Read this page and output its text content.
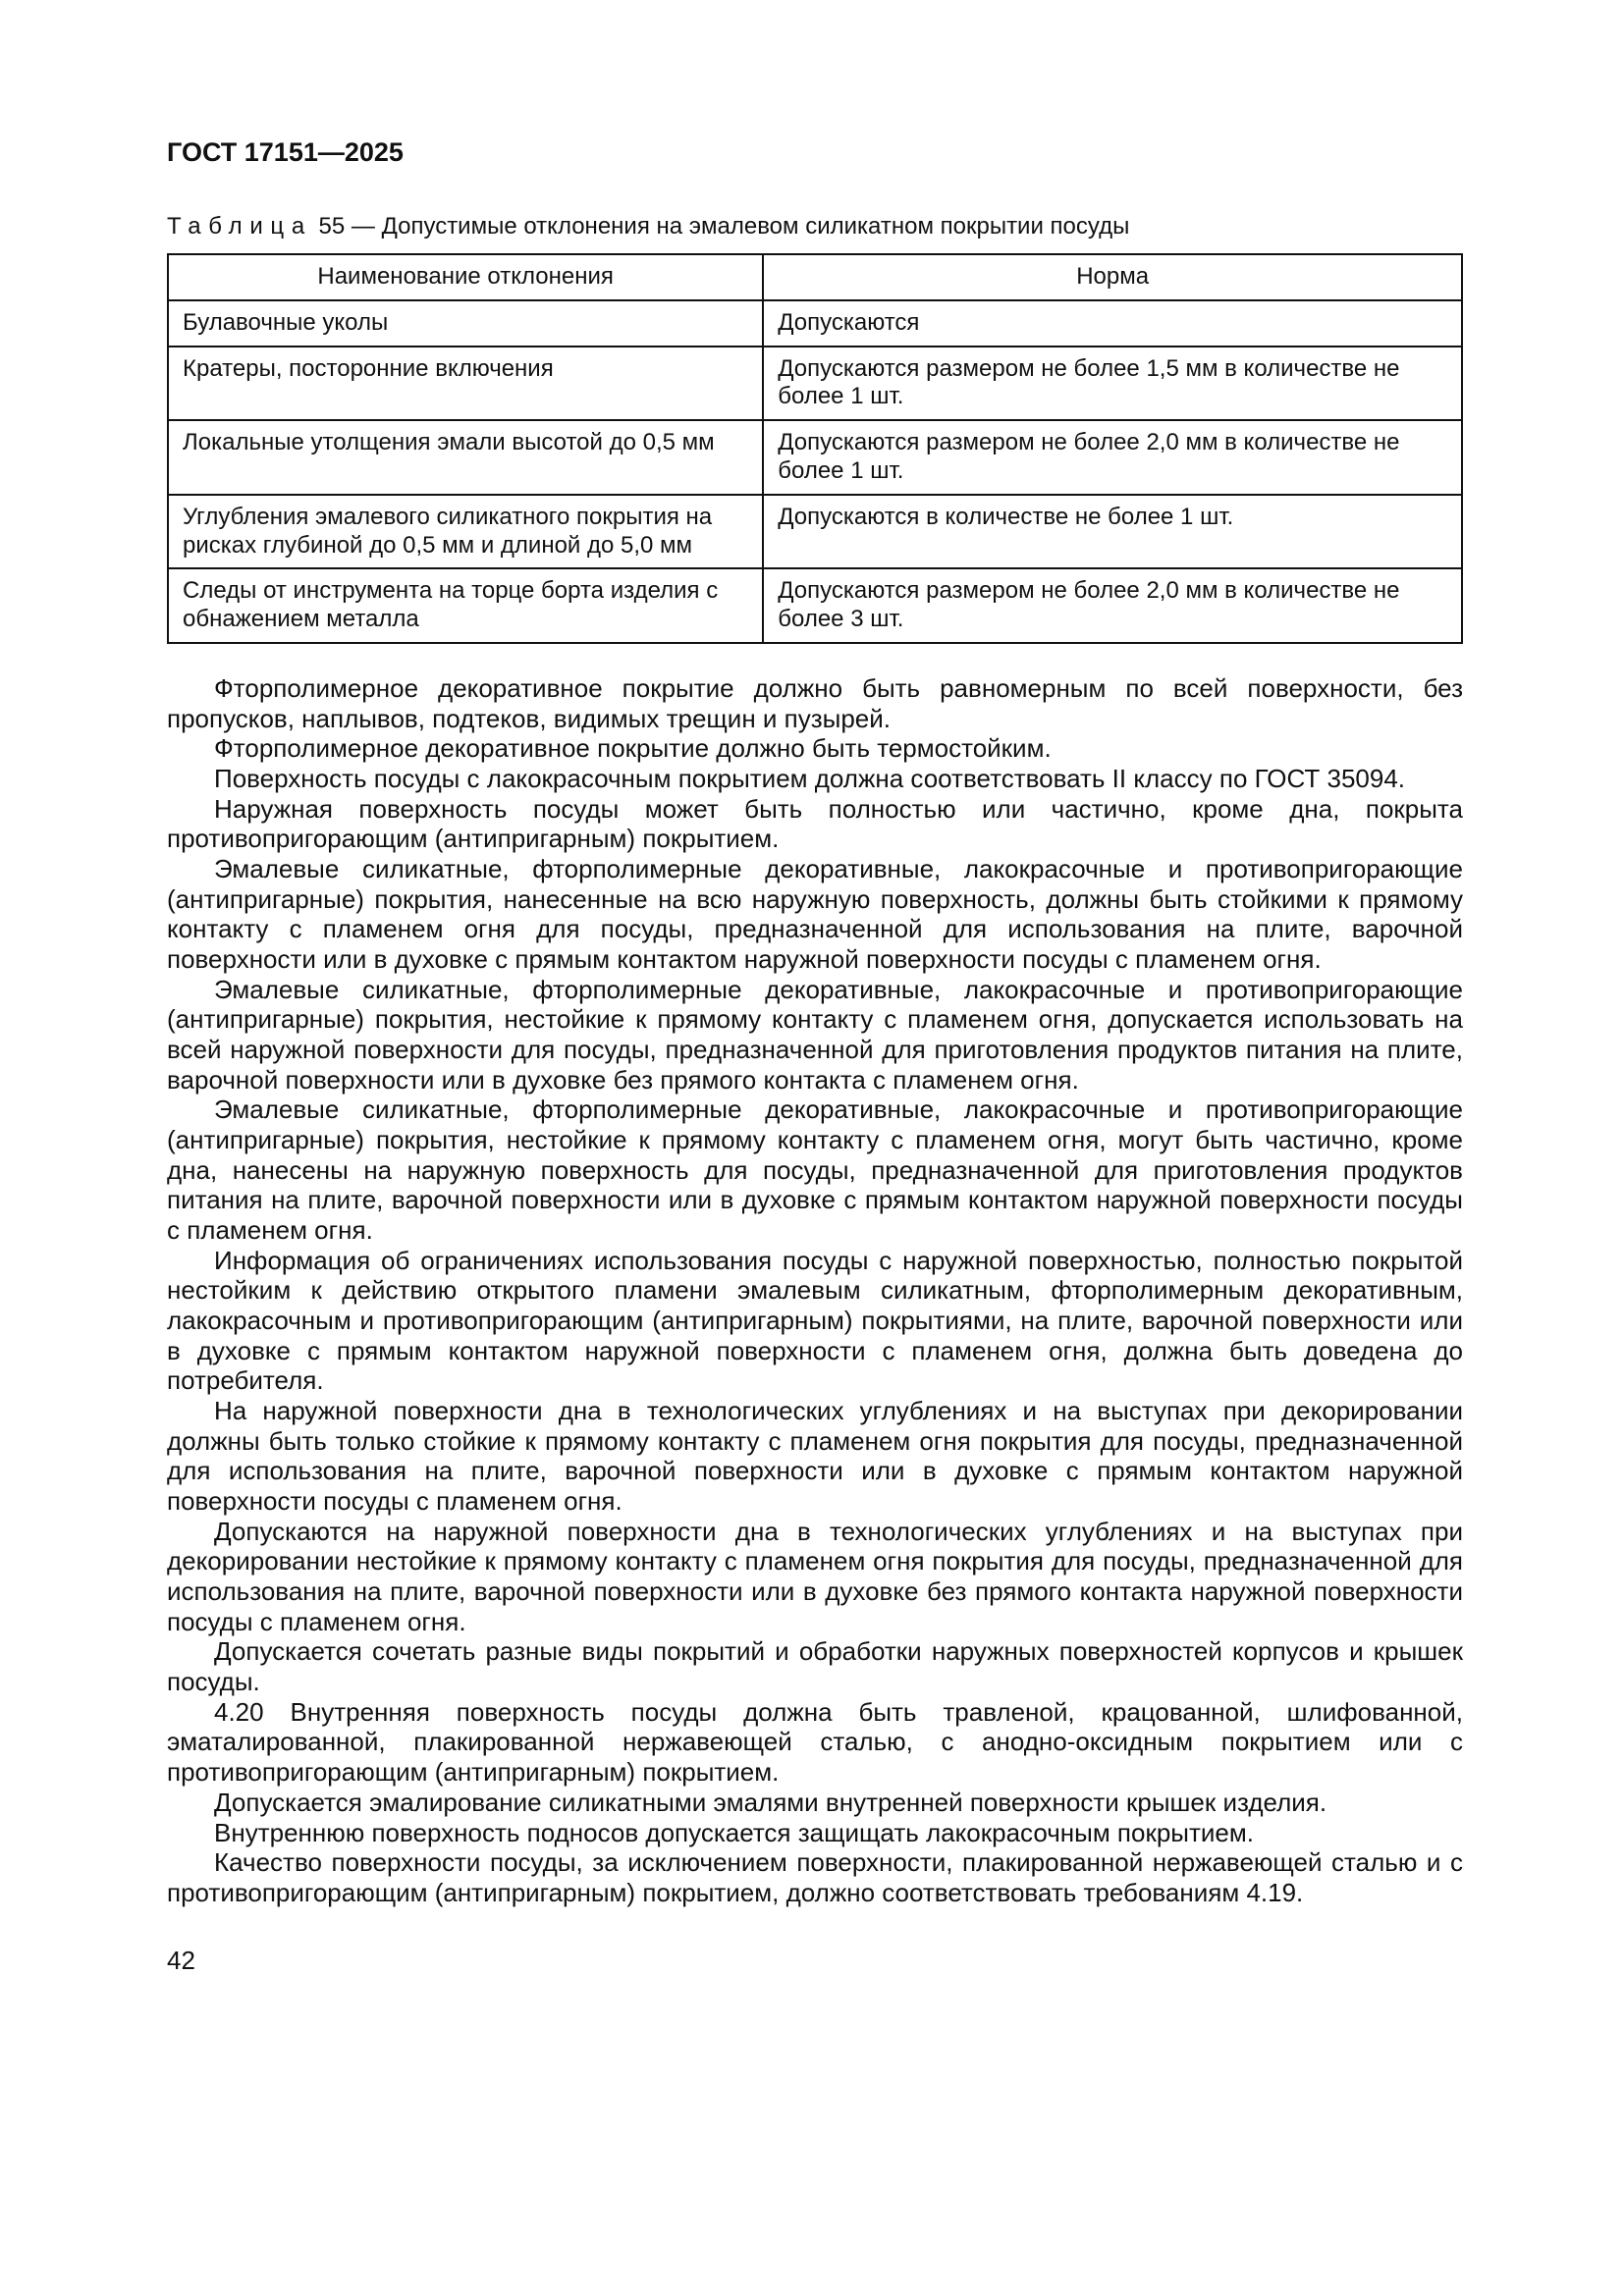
ГОСТ 17151—2025

Таблица 55 — Допустимые отклонения на эмалевом силикатном покрытии посуды

Наименование отклонения	Норма
Булавочные уколы	Допускаются
Кратеры, посторонние включения	Допускаются размером не более 1,5 мм в количестве не более 1 шт.
Локальные утолщения эмали высотой до 0,5 мм	Допускаются размером не более 2,0 мм в количестве не более 1 шт.
Углубления эмалевого силикатного покрытия на рисках глубиной до 0,5 мм и длиной до 5,0 мм	Допускаются в количестве не более 1 шт.
Следы от инструмента на торце борта изделия с обнажением металла	Допускаются размером не более 2,0 мм в количестве не более 3 шт.

Фторполимерное декоративное покрытие должно быть равномерным по всей поверхности, без пропусков, наплывов, подтеков, видимых трещин и пузырей.

Фторполимерное декоративное покрытие должно быть термостойким.

Поверхность посуды с лакокрасочным покрытием должна соответствовать II классу по ГОСТ 35094.

Наружная поверхность посуды может быть полностью или частично, кроме дна, покрыта противопригорающим (антипригарным) покрытием.

Эмалевые силикатные, фторполимерные декоративные, лакокрасочные и противопригорающие (антипригарные) покрытия, нанесенные на всю наружную поверхность, должны быть стойкими к прямому контакту с пламенем огня для посуды, предназначенной для использования на плите, варочной поверхности или в духовке с прямым контактом наружной поверхности посуды с пламенем огня.

Эмалевые силикатные, фторполимерные декоративные, лакокрасочные и противопригорающие (антипригарные) покрытия, нестойкие к прямому контакту с пламенем огня, допускается использовать на всей наружной поверхности для посуды, предназначенной для приготовления продуктов питания на плите, варочной поверхности или в духовке без прямого контакта с пламенем огня.

Эмалевые силикатные, фторполимерные декоративные, лакокрасочные и противопригорающие (антипригарные) покрытия, нестойкие к прямому контакту с пламенем огня, могут быть частично, кроме дна, нанесены на наружную поверхность для посуды, предназначенной для приготовления продуктов питания на плите, варочной поверхности или в духовке с прямым контактом наружной поверхности посуды с пламенем огня.

Информация об ограничениях использования посуды с наружной поверхностью, полностью покрытой нестойким к действию открытого пламени эмалевым силикатным, фторполимерным декоративным, лакокрасочным и противопригорающим (антипригарным) покрытиями, на плите, варочной поверхности или в духовке с прямым контактом наружной поверхности с пламенем огня, должна быть доведена до потребителя.

На наружной поверхности дна в технологических углублениях и на выступах при декорировании должны быть только стойкие к прямому контакту с пламенем огня покрытия для посуды, предназначенной для использования на плите, варочной поверхности или в духовке с прямым контактом наружной поверхности посуды с пламенем огня.

Допускаются на наружной поверхности дна в технологических углублениях и на выступах при декорировании нестойкие к прямому контакту с пламенем огня покрытия для посуды, предназначенной для использования на плите, варочной поверхности или в духовке без прямого контакта наружной поверхности посуды с пламенем огня.

Допускается сочетать разные виды покрытий и обработки наружных поверхностей корпусов и крышек посуды.

4.20 Внутренняя поверхность посуды должна быть травленой, крацованной, шлифованной, эматалированной, плакированной нержавеющей сталью, с анодно-оксидным покрытием или с противопригорающим (антипригарным) покрытием.

Допускается эмалирование силикатными эмалями внутренней поверхности крышек изделия.

Внутреннюю поверхность подносов допускается защищать лакокрасочным покрытием.

Качество поверхности посуды, за исключением поверхности, плакированной нержавеющей сталью и с противопригорающим (антипригарным) покрытием, должно соответствовать требованиям 4.19.

42
